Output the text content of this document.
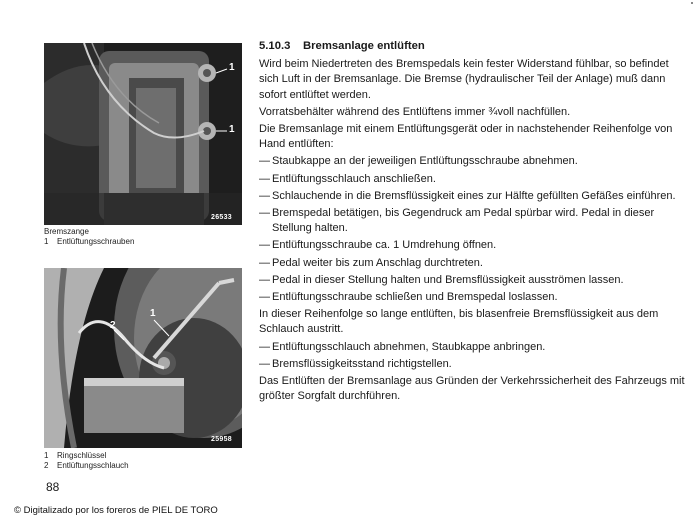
1
1
26533
Bremszange
1 Entlüftungsschrauben
1
2
25958
1 Ringschlüssel
2 Entlüftungsschlauch

5.10.3 Bremsanlage entlüften

Wird beim Niedertreten des Bremspedals kein fester Widerstand fühlbar, so befindet sich Luft in der Bremsanlage. Die Bremse (hydraulischer Teil der Anlage) muß dann sofort entlüftet werden.

Vorratsbehälter während des Entlüftens immer ¾voll nachfüllen.

Die Bremsanlage mit einem Entlüftungsgerät oder in nachstehender Reihenfolge von Hand entlüften:

— Staubkappe an der jeweiligen Entlüftungsschraube abnehmen.

— Entlüftungsschlauch anschließen.

— Schlauchende in die Bremsflüssigkeit eines zur Hälfte gefüllten Gefäßes einführen.

— Bremspedal betätigen, bis Gegendruck am Pedal spürbar wird. Pedal in dieser Stellung halten.

— Entlüftungsschraube ca. 1 Umdrehung öffnen.

— Pedal weiter bis zum Anschlag durchtreten.

— Pedal in dieser Stellung halten und Bremsflüssigkeit ausströmen lassen.

— Entlüftungsschraube schließen und Bremspedal loslassen.

In dieser Reihenfolge so lange entlüften, bis blasenfreie Bremsflüssigkeit aus dem Schlauch austritt.

— Entlüftungsschlauch abnehmen, Staubkappe anbringen.

— Bremsflüssigkeitsstand richtigstellen.

Das Entlüften der Bremsanlage aus Gründen der Verkehrssicherheit des Fahrzeugs mit größter Sorgfalt durchführen.

88
© Digitalizado por los foreros de PIEL DE TORO
